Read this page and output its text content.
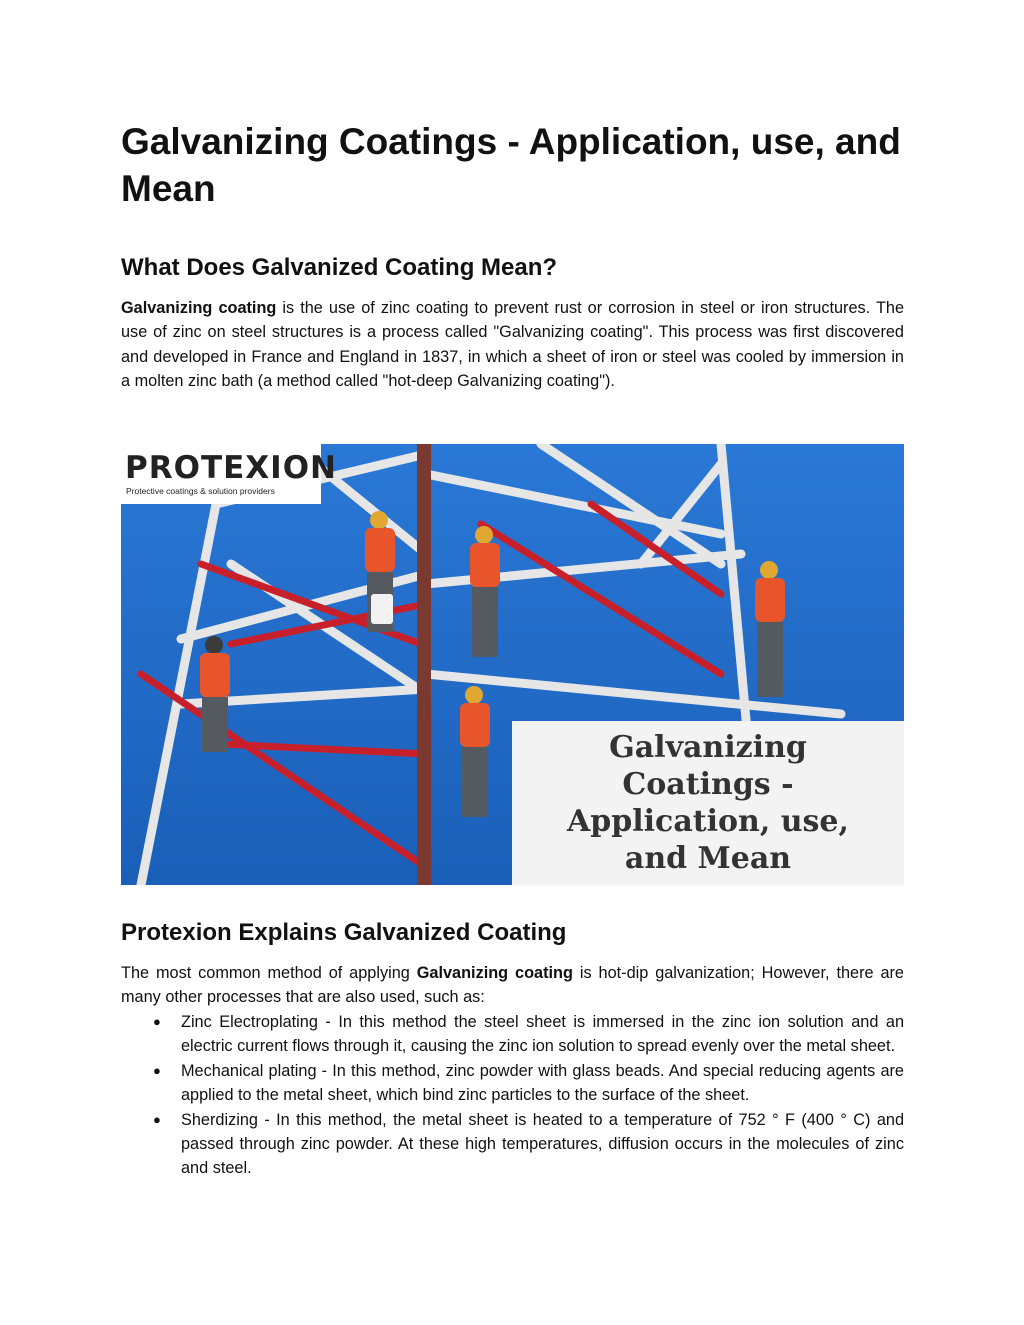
Galvanizing Coatings - Application, use, and Mean
What Does Galvanized Coating Mean?

Galvanizing coating is the use of zinc coating to prevent rust or corrosion in steel or iron structures. The use of zinc on steel structures is a process called "Galvanizing coating". This process was first discovered and developed in France and England in 1837, in which a sheet of iron or steel was cooled by immersion in a molten zinc bath (a method called "hot-deep Galvanizing coating").

PROTEXION
Protective coatings & solution providers
Galvanizing
Coatings -
Application, use,
and Mean
Protexion Explains Galvanized Coating

The most common method of applying Galvanizing coating is hot-dip galvanization; However, there are many other processes that are also used, such as:

● Zinc Electroplating - In this method the steel sheet is immersed in the zinc ion solution and an electric current flows through it, causing the zinc ion solution to spread evenly over the metal sheet.
● Mechanical plating - In this method, zinc powder with glass beads. And special reducing agents are applied to the metal sheet, which bind zinc particles to the surface of the sheet.
● Sherdizing - In this method, the metal sheet is heated to a temperature of 752 ° F (400 ° C) and passed through zinc powder. At these high temperatures, diffusion occurs in the molecules of zinc and steel.
